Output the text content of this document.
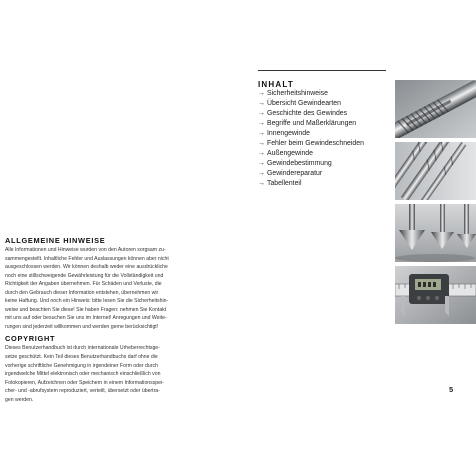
ALLGEMEINE HINWEISE
Alle Informationen und Hinweise wurden von den Autoren sorgsam zu-
sammengestellt. Inhaltliche Fehler und Auslassungen können aber nicht
ausgeschlossen werden. Wir können deshalb weder eine ausdrückliche
noch eine stillschweigende Gewährleistung für die Vollständigkeit und
Richtigkeit der Angaben übernehmen. Für Schäden und Verluste, die
durch den Gebrauch dieser Information entstehen, übernehmen wir
keine Haftung. Und noch ein Hinweis: bitte lesen Sie die Sicherheitshin-
weise und beachten Sie diese! Sie haben Fragen: nehmen Sie Kontakt
mit uns auf oder besuchen Sie uns im Internet! Anregungen und Weite-
rungen sind jederzeit willkommen und werden gerne berücksichtigt!
COPYRIGHT
Dieses Benutzerhandbuch ist durch internationale Urheberrechtsge-
setze geschützt. Kein Teil dieses Benutzerhandbuchs darf ohne die
vorherige schriftliche Genehmigung in irgendeiner Form oder durch
irgendwelche Mittel elektronisch oder mechanisch einschließlich von
Fotokopieren, Aufzeichnen oder Speichern in einem Informationsspei-
cher- und -abrufsystem reproduziert, verteilt, übersetzt oder übertra-
gen werden.
INHALT
→ Sicherheitshinweise
→ Übersicht Gewindearten
→ Geschichte des Gewindes
→ Begriffe und Maßerklärungen
→ Innengewinde
→ Fehler beim Gewindeschneiden
→ Außengewinde
→ Gewindebestimmung
→ Gewindereparatur
→ Tabellenteil
5
